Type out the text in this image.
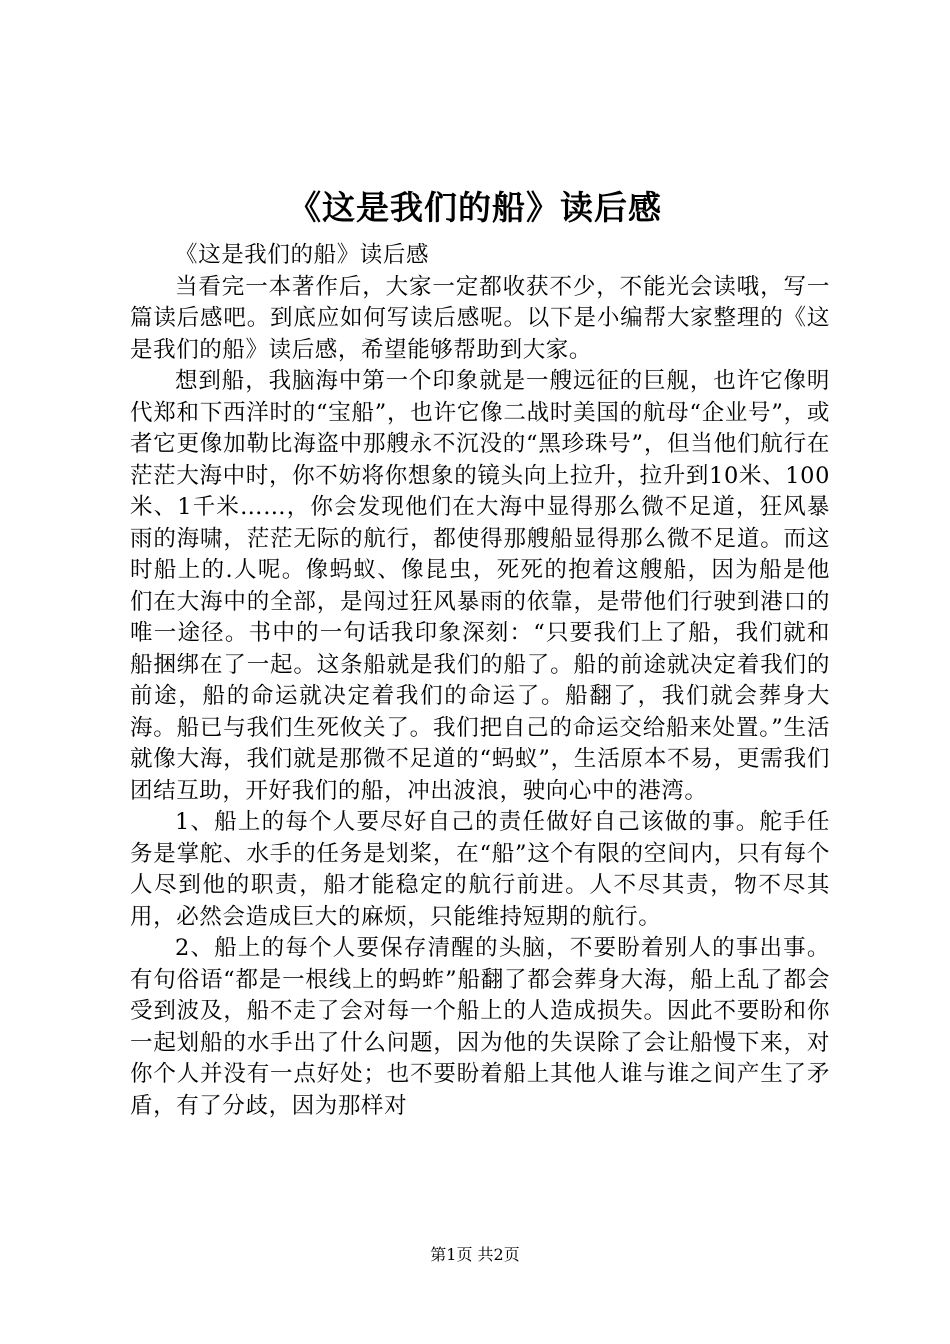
《这是我们的船》读后感

《这是我们的船》读后感

当看完一本著作后，大家一定都收获不少，不能光会读哦，写一篇读后感吧。到底应如何写读后感呢。以下是小编帮大家整理的《这是我们的船》读后感，希望能够帮助到大家。

想到船，我脑海中第一个印象就是一艘远征的巨舰，也许它像明代郑和下西洋时的“宝船”，也许它像二战时美国的航母“企业号”，或者它更像加勒比海盗中那艘永不沉没的“黑珍珠号”，但当他们航行在茫茫大海中时，你不妨将你想象的镜头向上拉升，拉升到10米、100米、1千米……，你会发现他们在大海中显得那么微不足道，狂风暴雨的海啸，茫茫无际的航行，都使得那艘船显得那么微不足道。而这时船上的.人呢。像蚂蚁、像昆虫，死死的抱着这艘船，因为船是他们在大海中的全部，是闯过狂风暴雨的依靠，是带他们行驶到港口的唯一途径。书中的一句话我印象深刻：“只要我们上了船，我们就和船捆绑在了一起。这条船就是我们的船了。船的前途就决定着我们的前途，船的命运就决定着我们的命运了。船翻了，我们就会葬身大海。船已与我们生死攸关了。我们把自己的命运交给船来处置。”生活就像大海，我们就是那微不足道的“蚂蚁”，生活原本不易，更需我们团结互助，开好我们的船，冲出波浪，驶向心中的港湾。

1、船上的每个人要尽好自己的责任做好自己该做的事。舵手任务是掌舵、水手的任务是划桨，在“船”这个有限的空间内，只有每个人尽到他的职责，船才能稳定的航行前进。人不尽其责，物不尽其用，必然会造成巨大的麻烦，只能维持短期的航行。

2、船上的每个人要保存清醒的头脑，不要盼着别人的事出事。有句俗语“都是一根线上的蚂蚱”船翻了都会葬身大海，船上乱了都会受到波及，船不走了会对每一个船上的人造成损失。因此不要盼和你一起划船的水手出了什么问题，因为他的失误除了会让船慢下来，对你个人并没有一点好处；也不要盼着船上其他人谁与谁之间产生了矛盾，有了分歧，因为那样对

第1页 共2页
